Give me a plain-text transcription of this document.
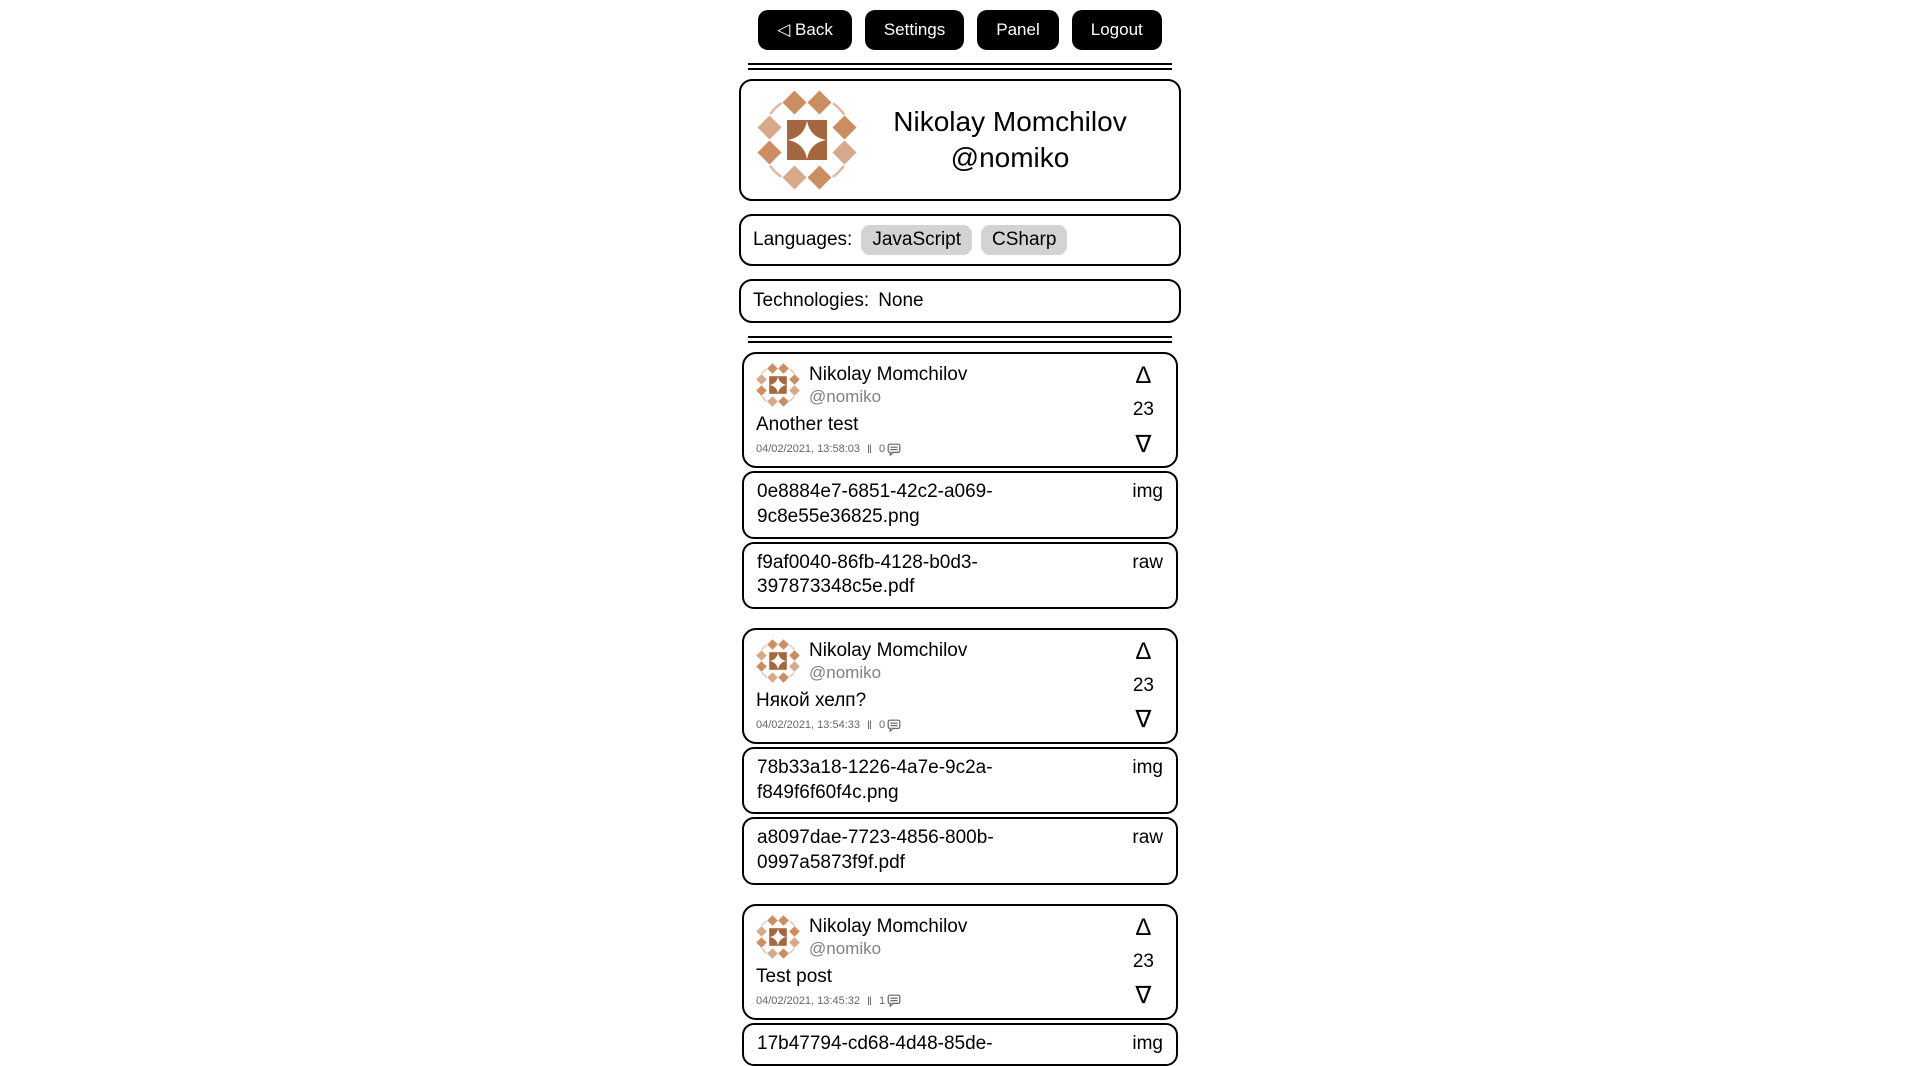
◁ Back	Settings	Panel	Logout
Nikolay Momchilov
@nomiko
Languages:	JavaScript	CSharp
Technologies: None
Nikolay Momchilov
@nomiko
Another test
04/02/2021, 13:58:03 ‖ 0
Δ
23
∇
0e8884e7-6851-42c2-a069-9c8e55e36825.png
img
f9af0040-86fb-4128-b0d3-397873348c5e.pdf
raw
Nikolay Momchilov
@nomiko
Някой хелп?
04/02/2021, 13:54:33 ‖ 0
Δ
23
∇
78b33a18-1226-4a7e-9c2a-f849f6f60f4c.png
img
a8097dae-7723-4856-800b-0997a5873f9f.pdf
raw
Nikolay Momchilov
@nomiko
Test post
04/02/2021, 13:45:32 ‖ 1
Δ
23
∇
17b47794-cd68-4d48-85de-	img
